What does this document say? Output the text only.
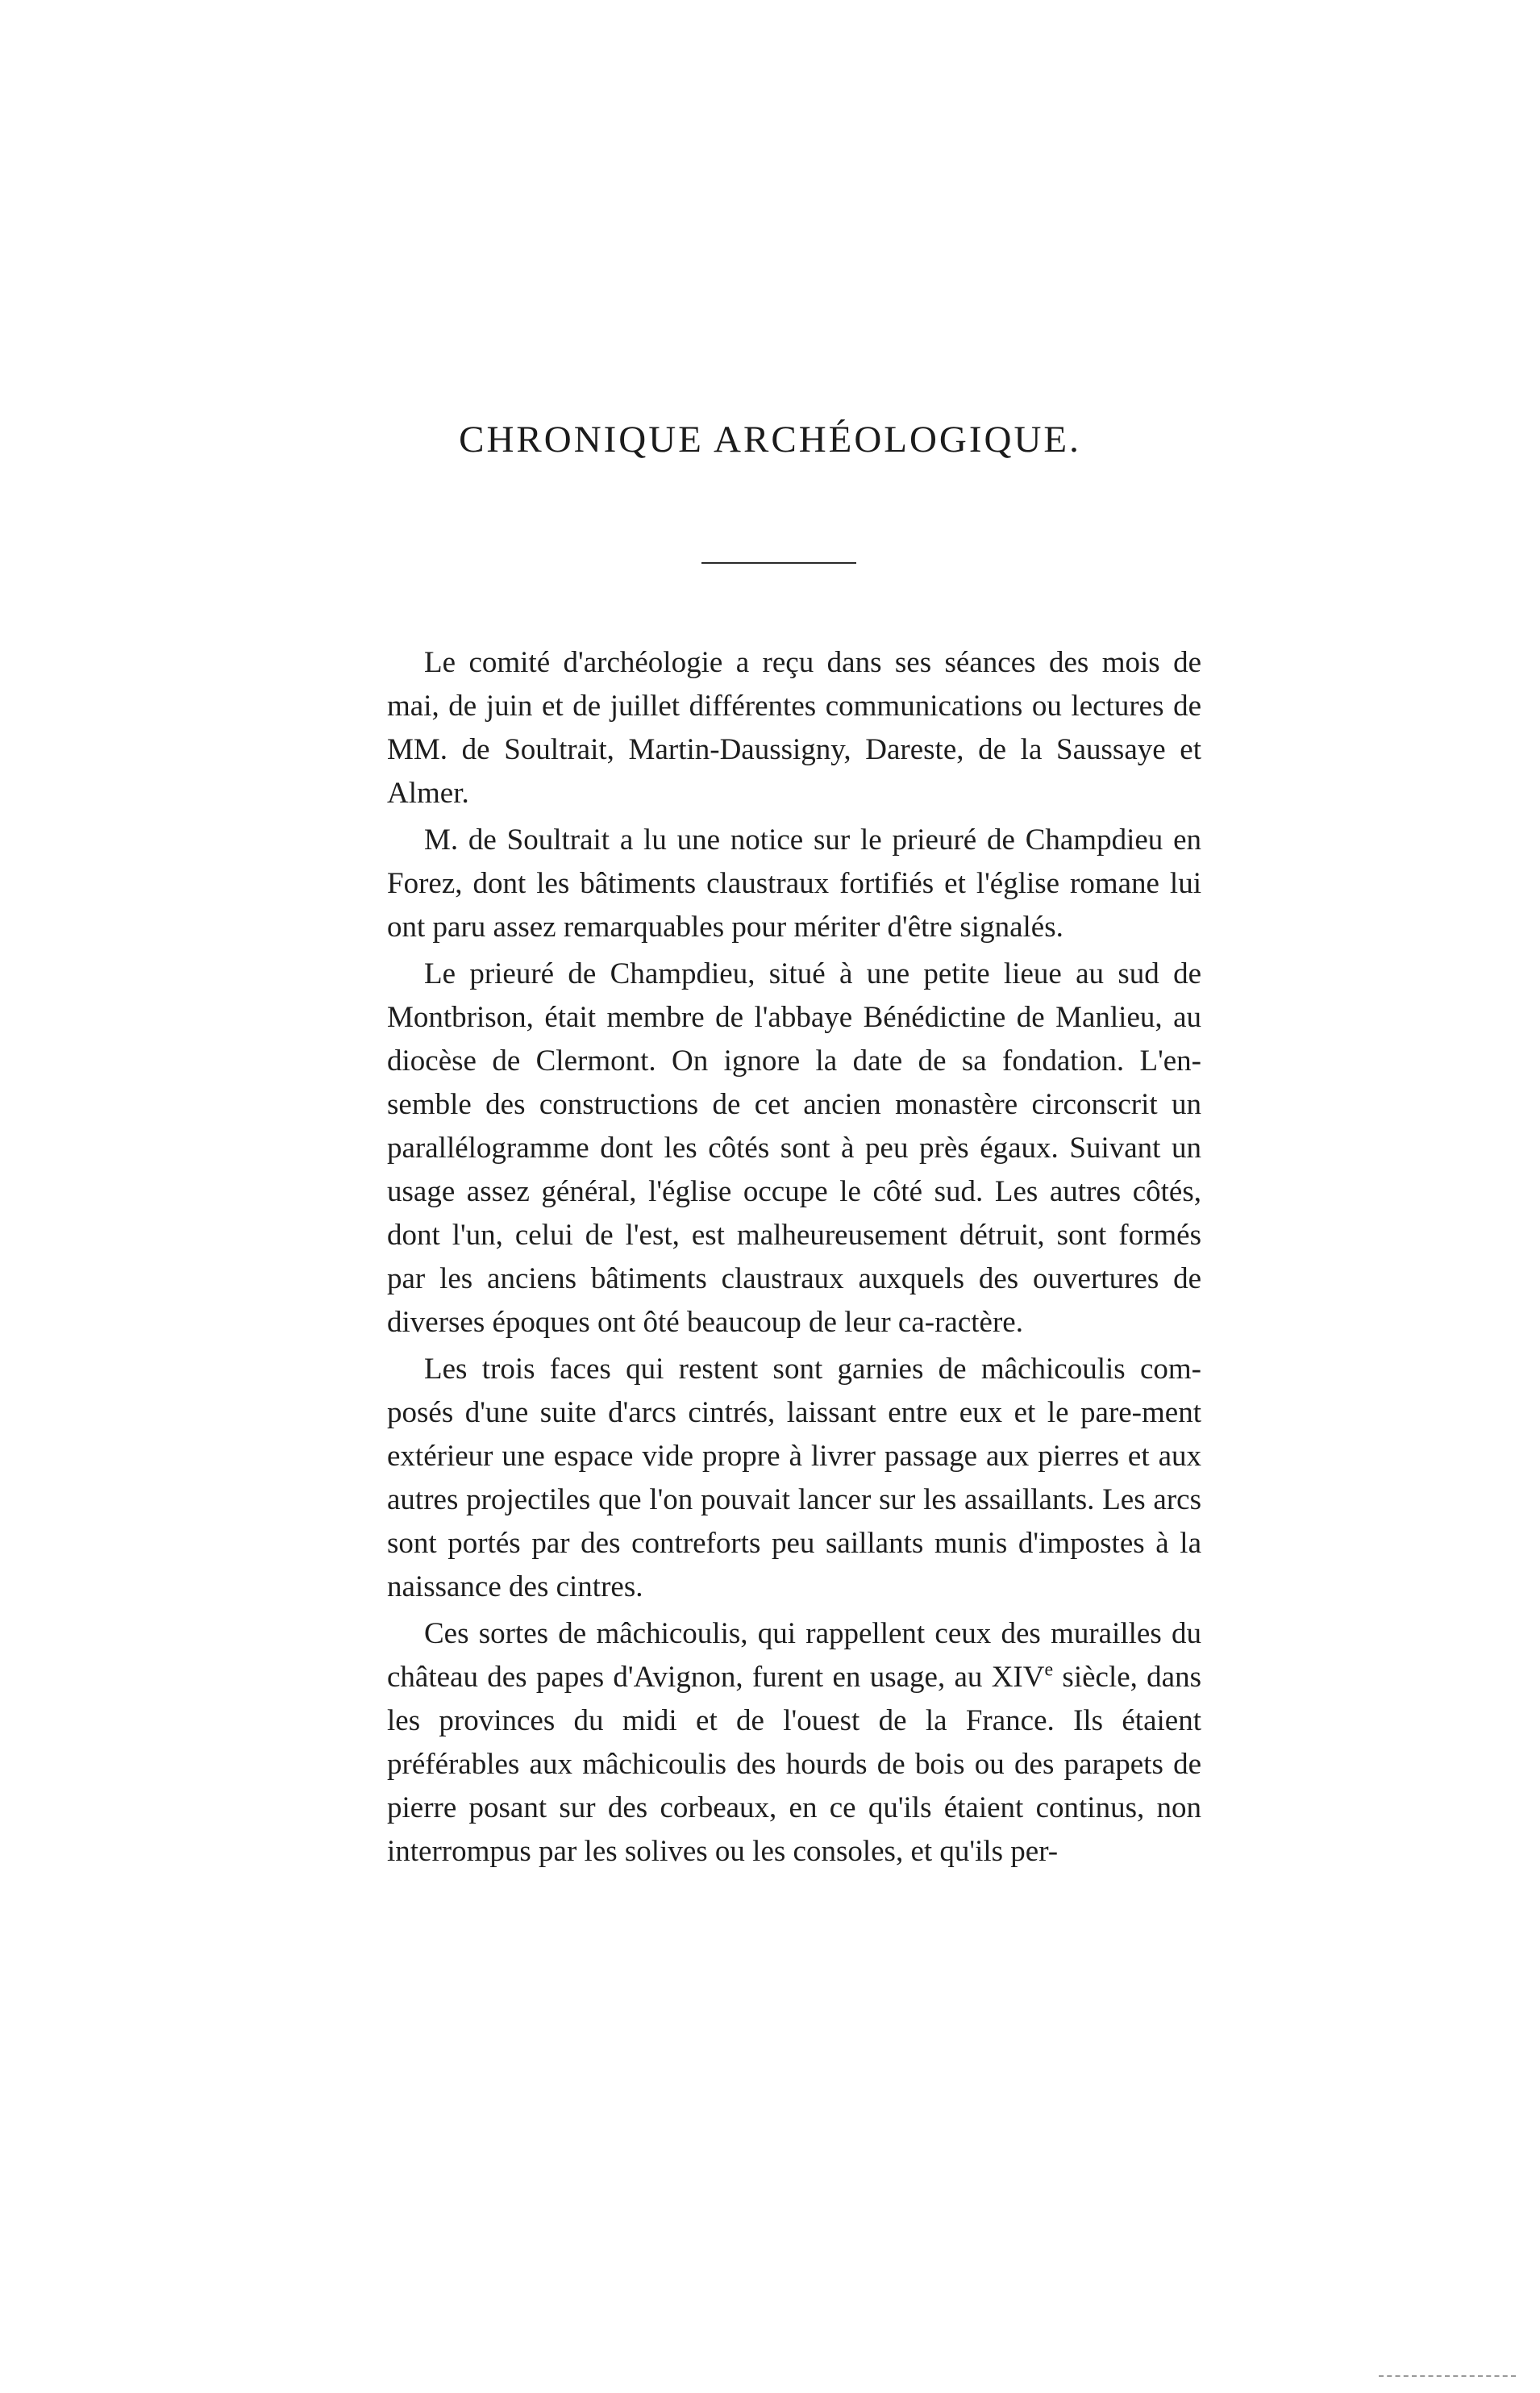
CHRONIQUE ARCHÉOLOGIQUE.

Le comité d'archéologie a reçu dans ses séances des mois de mai, de juin et de juillet différentes communications ou lectures de MM. de Soultrait, Martin-Daussigny, Dareste, de la Saussaye et Almer.

M. de Soultrait a lu une notice sur le prieuré de Champdieu en Forez, dont les bâtiments claustraux fortifiés et l'église romane lui ont paru assez remarquables pour mériter d'être signalés.

Le prieuré de Champdieu, situé à une petite lieue au sud de Montbrison, était membre de l'abbaye Bénédictine de Manlieu, au diocèse de Clermont. On ignore la date de sa fondation. L'en-semble des constructions de cet ancien monastère circonscrit un parallélogramme dont les côtés sont à peu près égaux. Suivant un usage assez général, l'église occupe le côté sud. Les autres côtés, dont l'un, celui de l'est, est malheureusement détruit, sont formés par les anciens bâtiments claustraux auxquels des ouvertures de diverses époques ont ôté beaucoup de leur ca-ractère.

Les trois faces qui restent sont garnies de mâchicoulis com-posés d'une suite d'arcs cintrés, laissant entre eux et le pare-ment extérieur une espace vide propre à livrer passage aux pierres et aux autres projectiles que l'on pouvait lancer sur les assaillants. Les arcs sont portés par des contreforts peu saillants munis d'impostes à la naissance des cintres.

Ces sortes de mâchicoulis, qui rappellent ceux des murailles du château des papes d'Avignon, furent en usage, au XIVe siècle, dans les provinces du midi et de l'ouest de la France. Ils étaient préférables aux mâchicoulis des hourds de bois ou des parapets de pierre posant sur des corbeaux, en ce qu'ils étaient continus, non interrompus par les solives ou les consoles, et qu'ils per-
